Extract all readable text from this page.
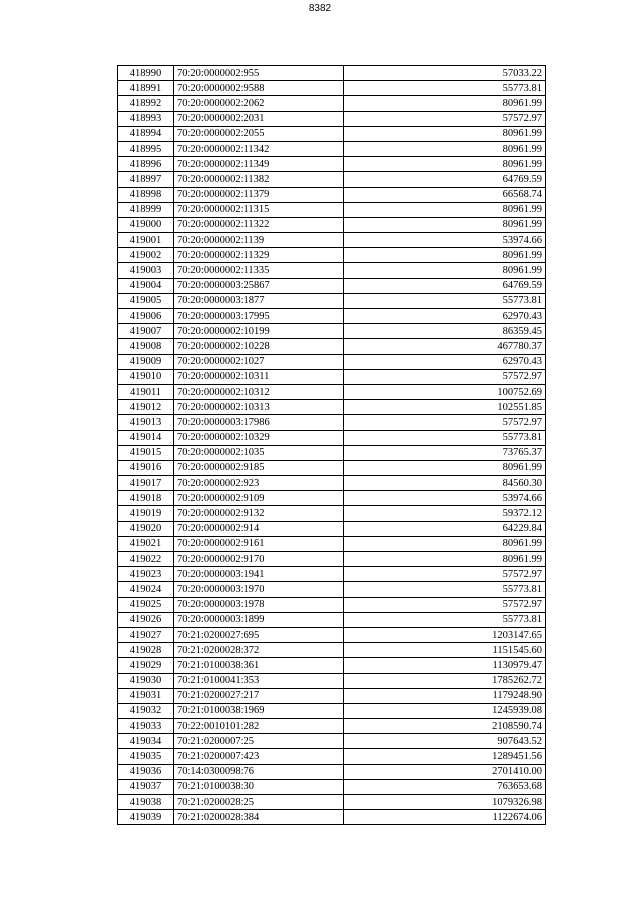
8382
418990	70:20:0000002:955	57033.22
418991	70:20:0000002:9588	55773.81
418992	70:20:0000002:2062	80961.99
418993	70:20:0000002:2031	57572.97
418994	70:20:0000002:2055	80961.99
418995	70:20:0000002:11342	80961.99
418996	70:20:0000002:11349	80961.99
418997	70:20:0000002:11382	64769.59
418998	70:20:0000002:11379	66568.74
418999	70:20:0000002:11315	80961.99
419000	70:20:0000002:11322	80961.99
419001	70:20:0000002:1139	53974.66
419002	70:20:0000002:11329	80961.99
419003	70:20:0000002:11335	80961.99
419004	70:20:0000003:25867	64769.59
419005	70:20:0000003:1877	55773.81
419006	70:20:0000003:17995	62970.43
419007	70:20:0000002:10199	86359.45
419008	70:20:0000002:10228	467780.37
419009	70:20:0000002:1027	62970.43
419010	70:20:0000002:10311	57572.97
419011	70:20:0000002:10312	100752.69
419012	70:20:0000002:10313	102551.85
419013	70:20:0000003:17986	57572.97
419014	70:20:0000002:10329	55773.81
419015	70:20:0000002:1035	73765.37
419016	70:20:0000002:9185	80961.99
419017	70:20:0000002:923	84560.30
419018	70:20:0000002:9109	53974.66
419019	70:20:0000002:9132	59372.12
419020	70:20:0000002:914	64229.84
419021	70:20:0000002:9161	80961.99
419022	70:20:0000002:9170	80961.99
419023	70:20:0000003:1941	57572.97
419024	70:20:0000003:1970	55773.81
419025	70:20:0000003:1978	57572.97
419026	70:20:0000003:1899	55773.81
419027	70:21:0200027:695	1203147.65
419028	70:21:0200028:372	1151545.60
419029	70:21:0100038:361	1130979.47
419030	70:21:0100041:353	1785262.72
419031	70:21:0200027:217	1179248.90
419032	70:21:0100038:1969	1245939.08
419033	70:22:0010101:282	2108590.74
419034	70:21:0200007:25	907643.52
419035	70:21:0200007:423	1289451.56
419036	70:14:0300098:76	2701410.00
419037	70:21:0100038:30	763653.68
419038	70:21:0200028:25	1079326.98
419039	70:21:0200028:384	1122674.06
